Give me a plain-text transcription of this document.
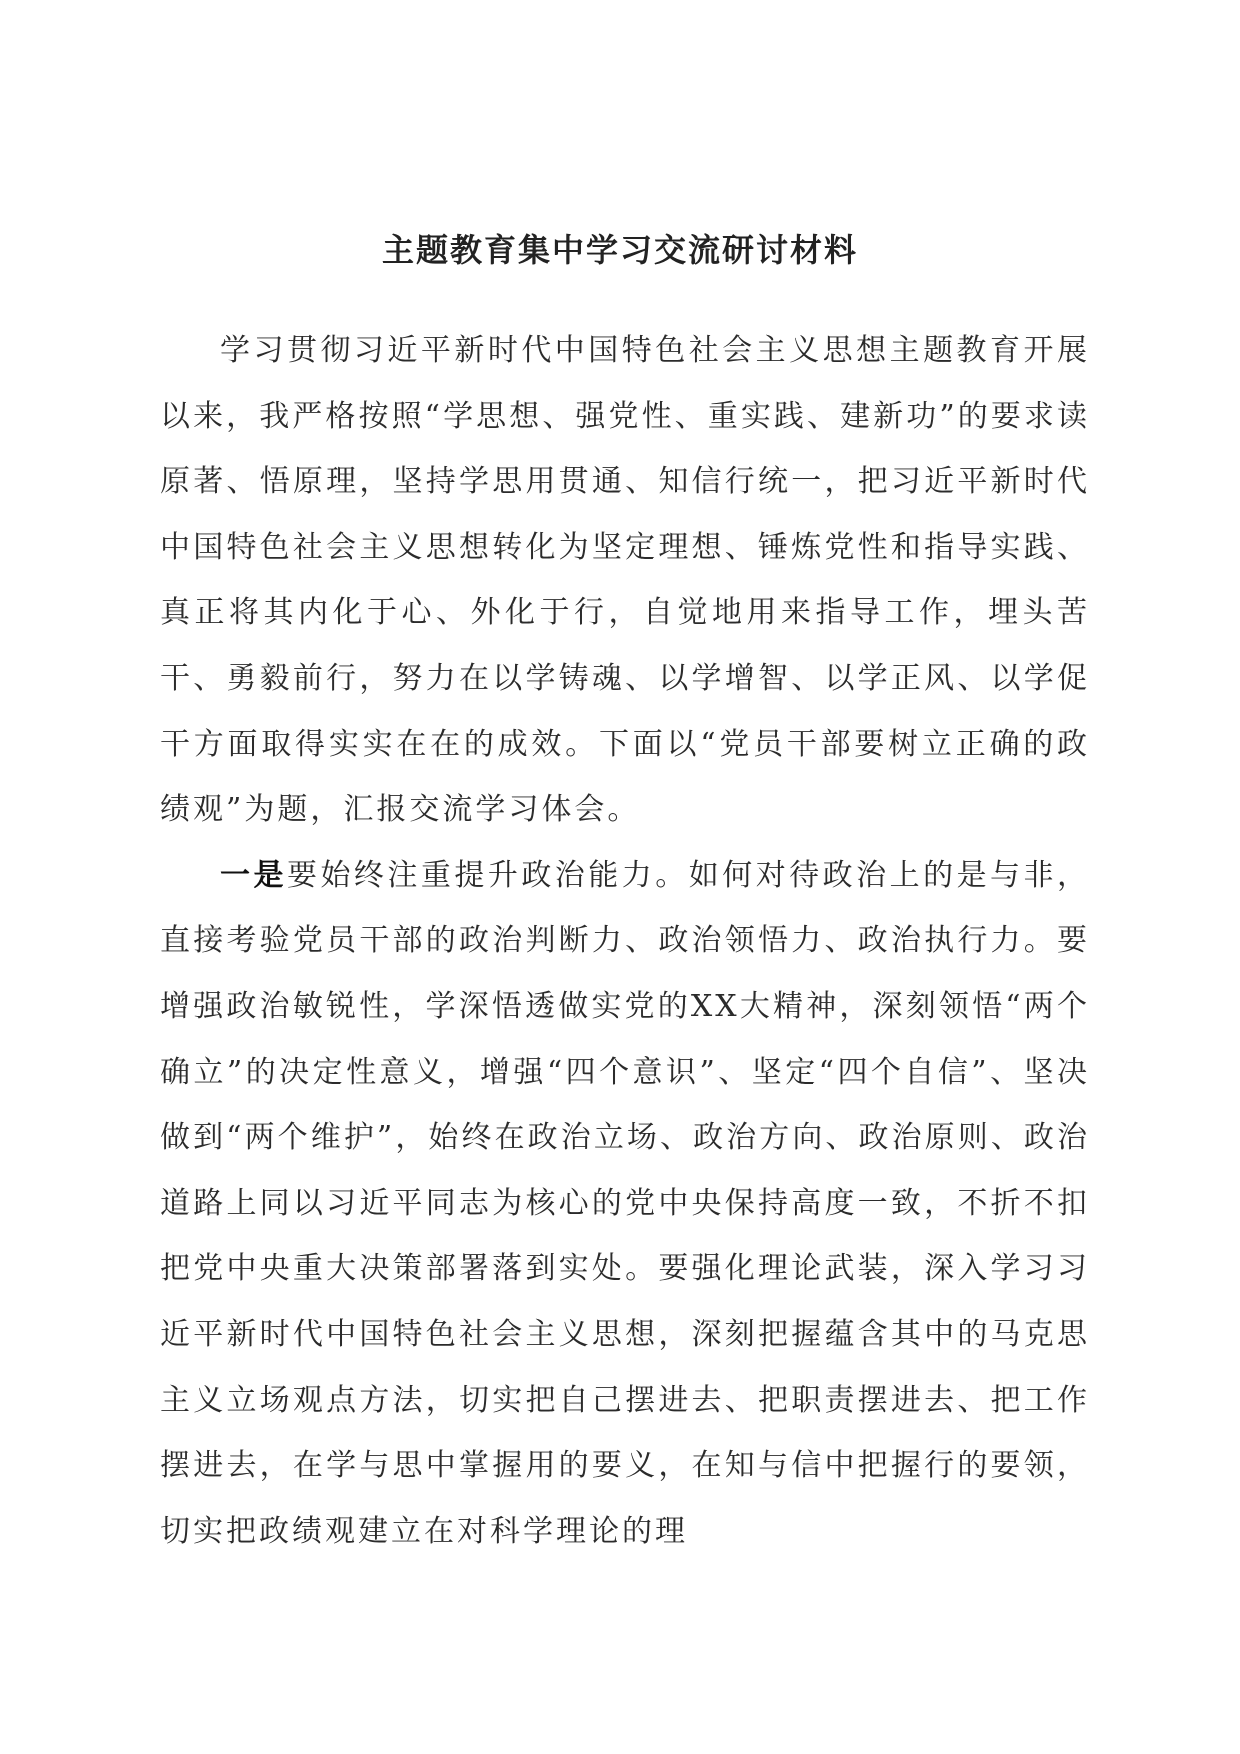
主题教育集中学习交流研讨材料

学习贯彻习近平新时代中国特色社会主义思想主题教育开展以来，我严格按照“学思想、强党性、重实践、建新功”的要求读原著、悟原理，坚持学思用贯通、知信行统一，把习近平新时代中国特色社会主义思想转化为坚定理想、锤炼党性和指导实践、真正将其内化于心、外化于行，自觉地用来指导工作，埋头苦干、勇毅前行，努力在以学铸魂、以学增智、以学正风、以学促干方面取得实实在在的成效。下面以“党员干部要树立正确的政绩观”为题，汇报交流学习体会。

一是要始终注重提升政治能力。如何对待政治上的是与非，直接考验党员干部的政治判断力、政治领悟力、政治执行力。要增强政治敏锐性，学深悟透做实党的XX大精神，深刻领悟“两个确立”的决定性意义，增强“四个意识”、坚定“四个自信”、坚决做到“两个维护”，始终在政治立场、政治方向、政治原则、政治道路上同以习近平同志为核心的党中央保持高度一致，不折不扣把党中央重大决策部署落到实处。要强化理论武装，深入学习习近平新时代中国特色社会主义思想，深刻把握蕴含其中的马克思主义立场观点方法，切实把自己摆进去、把职责摆进去、把工作摆进去，在学与思中掌握用的要义，在知与信中把握行的要领，切实把政绩观建立在对科学理论的理
